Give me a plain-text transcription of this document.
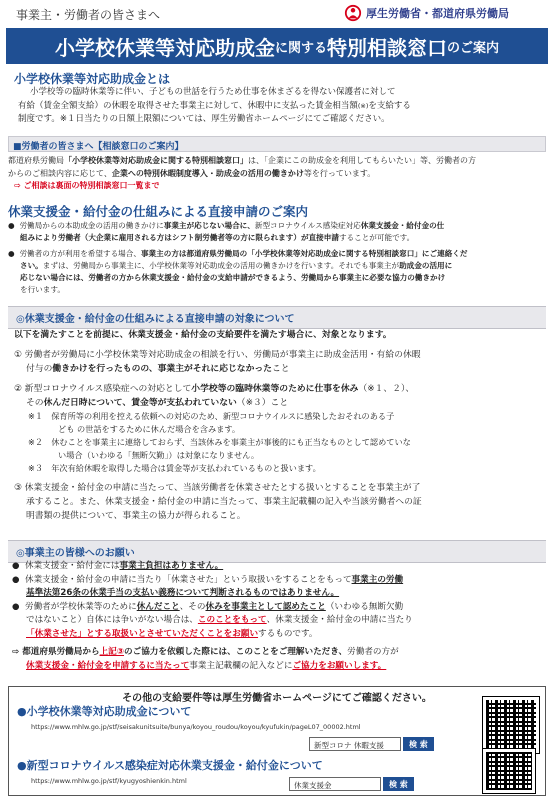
事業主・労働者の皆さまへ	厚生労働省・都道府県労働局
小学校休業等対応助成金 に関する 特別相談窓口 のご案内
小学校休業等対応助成金とは
小学校等の臨時休業等に伴い、子どもの世話を行うため仕事を休まざるを得ない保護者に対して
有給（賃金全額支給）の休暇を取得させた事業主に対して、休暇中に支払った賃金相当額(※)を支給する
制度です。※１日当たりの日額上限額については、厚生労働省ホームページにてご確認ください。
■労働者の皆さまへ【相談窓口のご案内】
都道府県労働局「小学校休業等対応助成金に関する特別相談窓口」は、「企業にこの助成金を利用してもらいたい」等、労働者の方
からのご相談内容に応じて、企業への特別休暇制度導入・助成金の活用の働きかけ等を行っています。
⇨ ご相談は裏面の特別相談窓口一覧まで
休業支援金・給付金の仕組みによる直接申請のご案内
●  労働局からの本助成金の活用の働きかけに事業主が応じない場合に、新型コロナウイルス感染症対応休業支援金・給付金の仕
組みにより労働者（大企業に雇用される方はシフト制労働者等の方に限られます）が直接申請することが可能です。
●  労働者の方が利用を希望する場合、事業主の方は都道府県労働局の「小学校休業等対応助成金に関する特別相談窓口」にご連絡くだ
さい。まずは、労働局から事業主に、小学校休業等対応助成金の活用の働きかけを行います。それでも事業主が助成金の活用に
応じない場合には、労働者の方から休業支援金・給付金の支給申請ができるよう、労働局から事業主に必要な協力の働きかけ
を行います。
◎休業支援金・給付金の仕組みによる直接申請の対象について
以下を満たすことを前提に、休業支援金・給付金の支給要件を満たす場合に、対象となります。
① 労働者が労働局に小学校休業等対応助成金の相談を行い、労働局が事業主に助成金活用・有給の休暇
付与の働きかけを行ったものの、事業主がそれに応じなかったこと
② 新型コロナウイルス感染症への対応として小学校等の臨時休業等のために仕事を休み（※１、２）、
その休んだ日時について、賃金等が支払われていない（※３）こと
※１　保育所等の利用を控える依頼への対応のため、新型コロナウイルスに感染したおそれのある子
ども の世話をするために休んだ場合を含みます。
※２　休むことを事業主に連絡しておらず、当該休みを事業主が事後的にも正当なものとして認めていな
い場合（いわゆる「無断欠勤」）は対象になりません。
※３　年次有給休暇を取得した場合は賃金等が支払われているものと扱います。
③ 休業支援金・給付金の申請に当たって、当該労働者を休業させたとする扱いとすることを事業主が了
承すること。また、休業支援金・給付金の申請に当たって、事業主記載欄の記入や当該労働者への証
明書類の提供について、事業主の協力が得られること。
◎事業主の皆様へのお願い
●  休業支援金・給付金には事業主負担はありません。
●  休業支援金・給付金の申請に当たり「休業させた」という取扱いをすることをもって事業主の労働
基準法第26条の休業手当の支払い義務について判断されるものではありません。
●  労働者が学校休業等のために休んだこと、その休みを事業主として認めたこと（いわゆる無断欠勤
ではないこと）自体には争いがない場合は、このことをもって、休業支援金・給付金の申請に当たり
「休業させた」とする取扱いとさせていただくことをお願いするものです。
⇨ 都道府県労働局から上記③のご協力を依頼した際には、このことをご理解いただき、労働者の方が
休業支援金・給付金を申請するに当たって事業主記載欄の記入などにご協力をお願いします。
その他の支給要件等は厚生労働省ホームページにてご確認ください。
●小学校休業等対応助成金について
https://www.mhlw.go.jp/stf/seisakunitsuite/bunya/koyou_roudou/koyou/kyufukin/pageL07_00002.html
新型コロナ 休暇支援	検 索
●新型コロナウイルス感染症対応休業支援金・給付金について
https://www.mhlw.go.jp/stf/kyugyoshienkin.html	休業支援金	検 索
